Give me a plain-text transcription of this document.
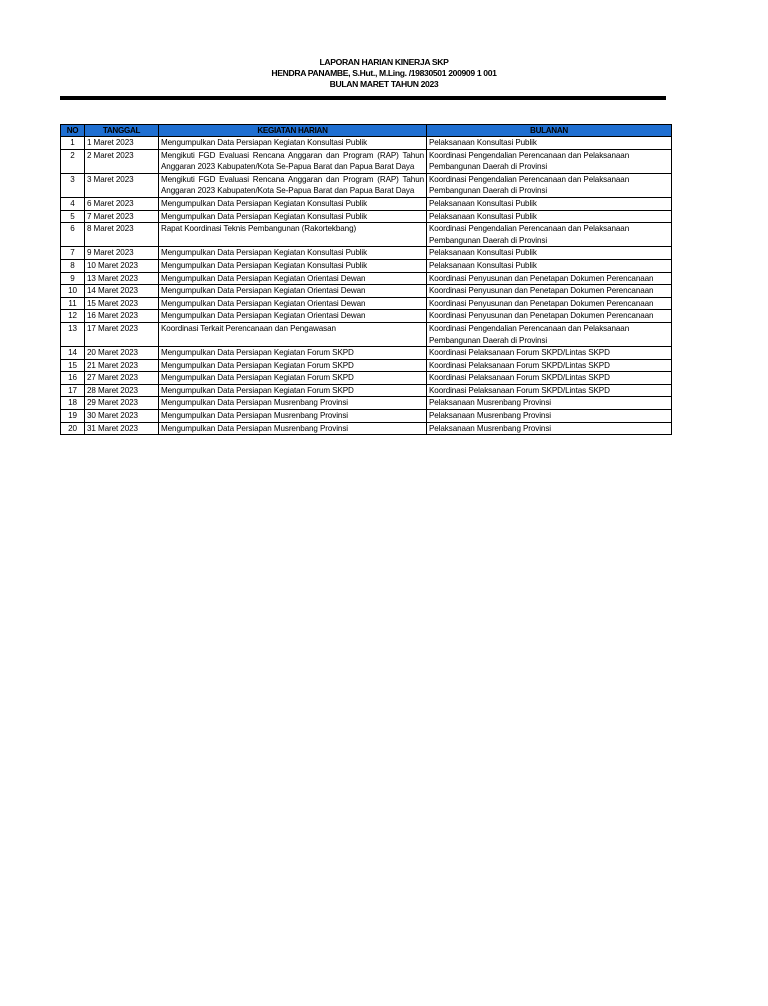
LAPORAN HARIAN KINERJA SKP
HENDRA PANAMBE, S.Hut., M.Ling. /19830501 200909 1 001
BULAN MARET TAHUN 2023
NO	TANGGAL	KEGIATAN HARIAN	BULANAN
1	1 Maret 2023	Mengumpulkan Data Persiapan Kegiatan Konsultasi Publik	Pelaksanaan Konsultasi Publik
2	2 Maret 2023	Mengikuti FGD Evaluasi Rencana Anggaran dan Program (RAP) Tahun Anggaran 2023 Kabupaten/Kota Se-Papua Barat dan Papua Barat Daya	Koordinasi Pengendalian Perencanaan dan Pelaksanaan Pembangunan Daerah di Provinsi
3	3 Maret 2023	Mengikuti FGD Evaluasi Rencana Anggaran dan Program (RAP) Tahun Anggaran 2023 Kabupaten/Kota Se-Papua Barat dan Papua Barat Daya	Koordinasi Pengendalian Perencanaan dan Pelaksanaan Pembangunan Daerah di Provinsi
4	6 Maret 2023	Mengumpulkan Data Persiapan Kegiatan Konsultasi Publik	Pelaksanaan Konsultasi Publik
5	7 Maret 2023	Mengumpulkan Data Persiapan Kegiatan Konsultasi Publik	Pelaksanaan Konsultasi Publik
6	8 Maret 2023	Rapat Koordinasi Teknis Pembangunan (Rakortekbang)	Koordinasi Pengendalian Perencanaan dan Pelaksanaan Pembangunan Daerah di Provinsi
7	9 Maret 2023	Mengumpulkan Data Persiapan Kegiatan Konsultasi Publik	Pelaksanaan Konsultasi Publik
8	10 Maret 2023	Mengumpulkan Data Persiapan Kegiatan Konsultasi Publik	Pelaksanaan Konsultasi Publik
9	13 Maret 2023	Mengumpulkan Data Persiapan Kegiatan Orientasi Dewan	Koordinasi Penyusunan dan Penetapan Dokumen Perencanaan
10	14 Maret 2023	Mengumpulkan Data Persiapan Kegiatan Orientasi Dewan	Koordinasi Penyusunan dan Penetapan Dokumen Perencanaan
11	15 Maret 2023	Mengumpulkan Data Persiapan Kegiatan Orientasi Dewan	Koordinasi Penyusunan dan Penetapan Dokumen Perencanaan
12	16 Maret 2023	Mengumpulkan Data Persiapan Kegiatan Orientasi Dewan	Koordinasi Penyusunan dan Penetapan Dokumen Perencanaan
13	17 Maret 2023	Koordinasi Terkait Perencanaan dan Pengawasan	Koordinasi Pengendalian Perencanaan dan Pelaksanaan Pembangunan Daerah di Provinsi
14	20 Maret 2023	Mengumpulkan Data Persiapan Kegiatan Forum SKPD	Koordinasi Pelaksanaan Forum SKPD/Lintas SKPD
15	21 Maret 2023	Mengumpulkan Data Persiapan Kegiatan Forum SKPD	Koordinasi Pelaksanaan Forum SKPD/Lintas SKPD
16	27 Maret 2023	Mengumpulkan Data Persiapan Kegiatan Forum SKPD	Koordinasi Pelaksanaan Forum SKPD/Lintas SKPD
17	28 Maret 2023	Mengumpulkan Data Persiapan Kegiatan Forum SKPD	Koordinasi Pelaksanaan Forum SKPD/Lintas SKPD
18	29 Maret 2023	Mengumpulkan Data Persiapan Musrenbang Provinsi	Pelaksanaan Musrenbang Provinsi
19	30 Maret 2023	Mengumpulkan Data Persiapan Musrenbang Provinsi	Pelaksanaan Musrenbang Provinsi
20	31 Maret 2023	Mengumpulkan Data Persiapan Musrenbang Provinsi	Pelaksanaan Musrenbang Provinsi
